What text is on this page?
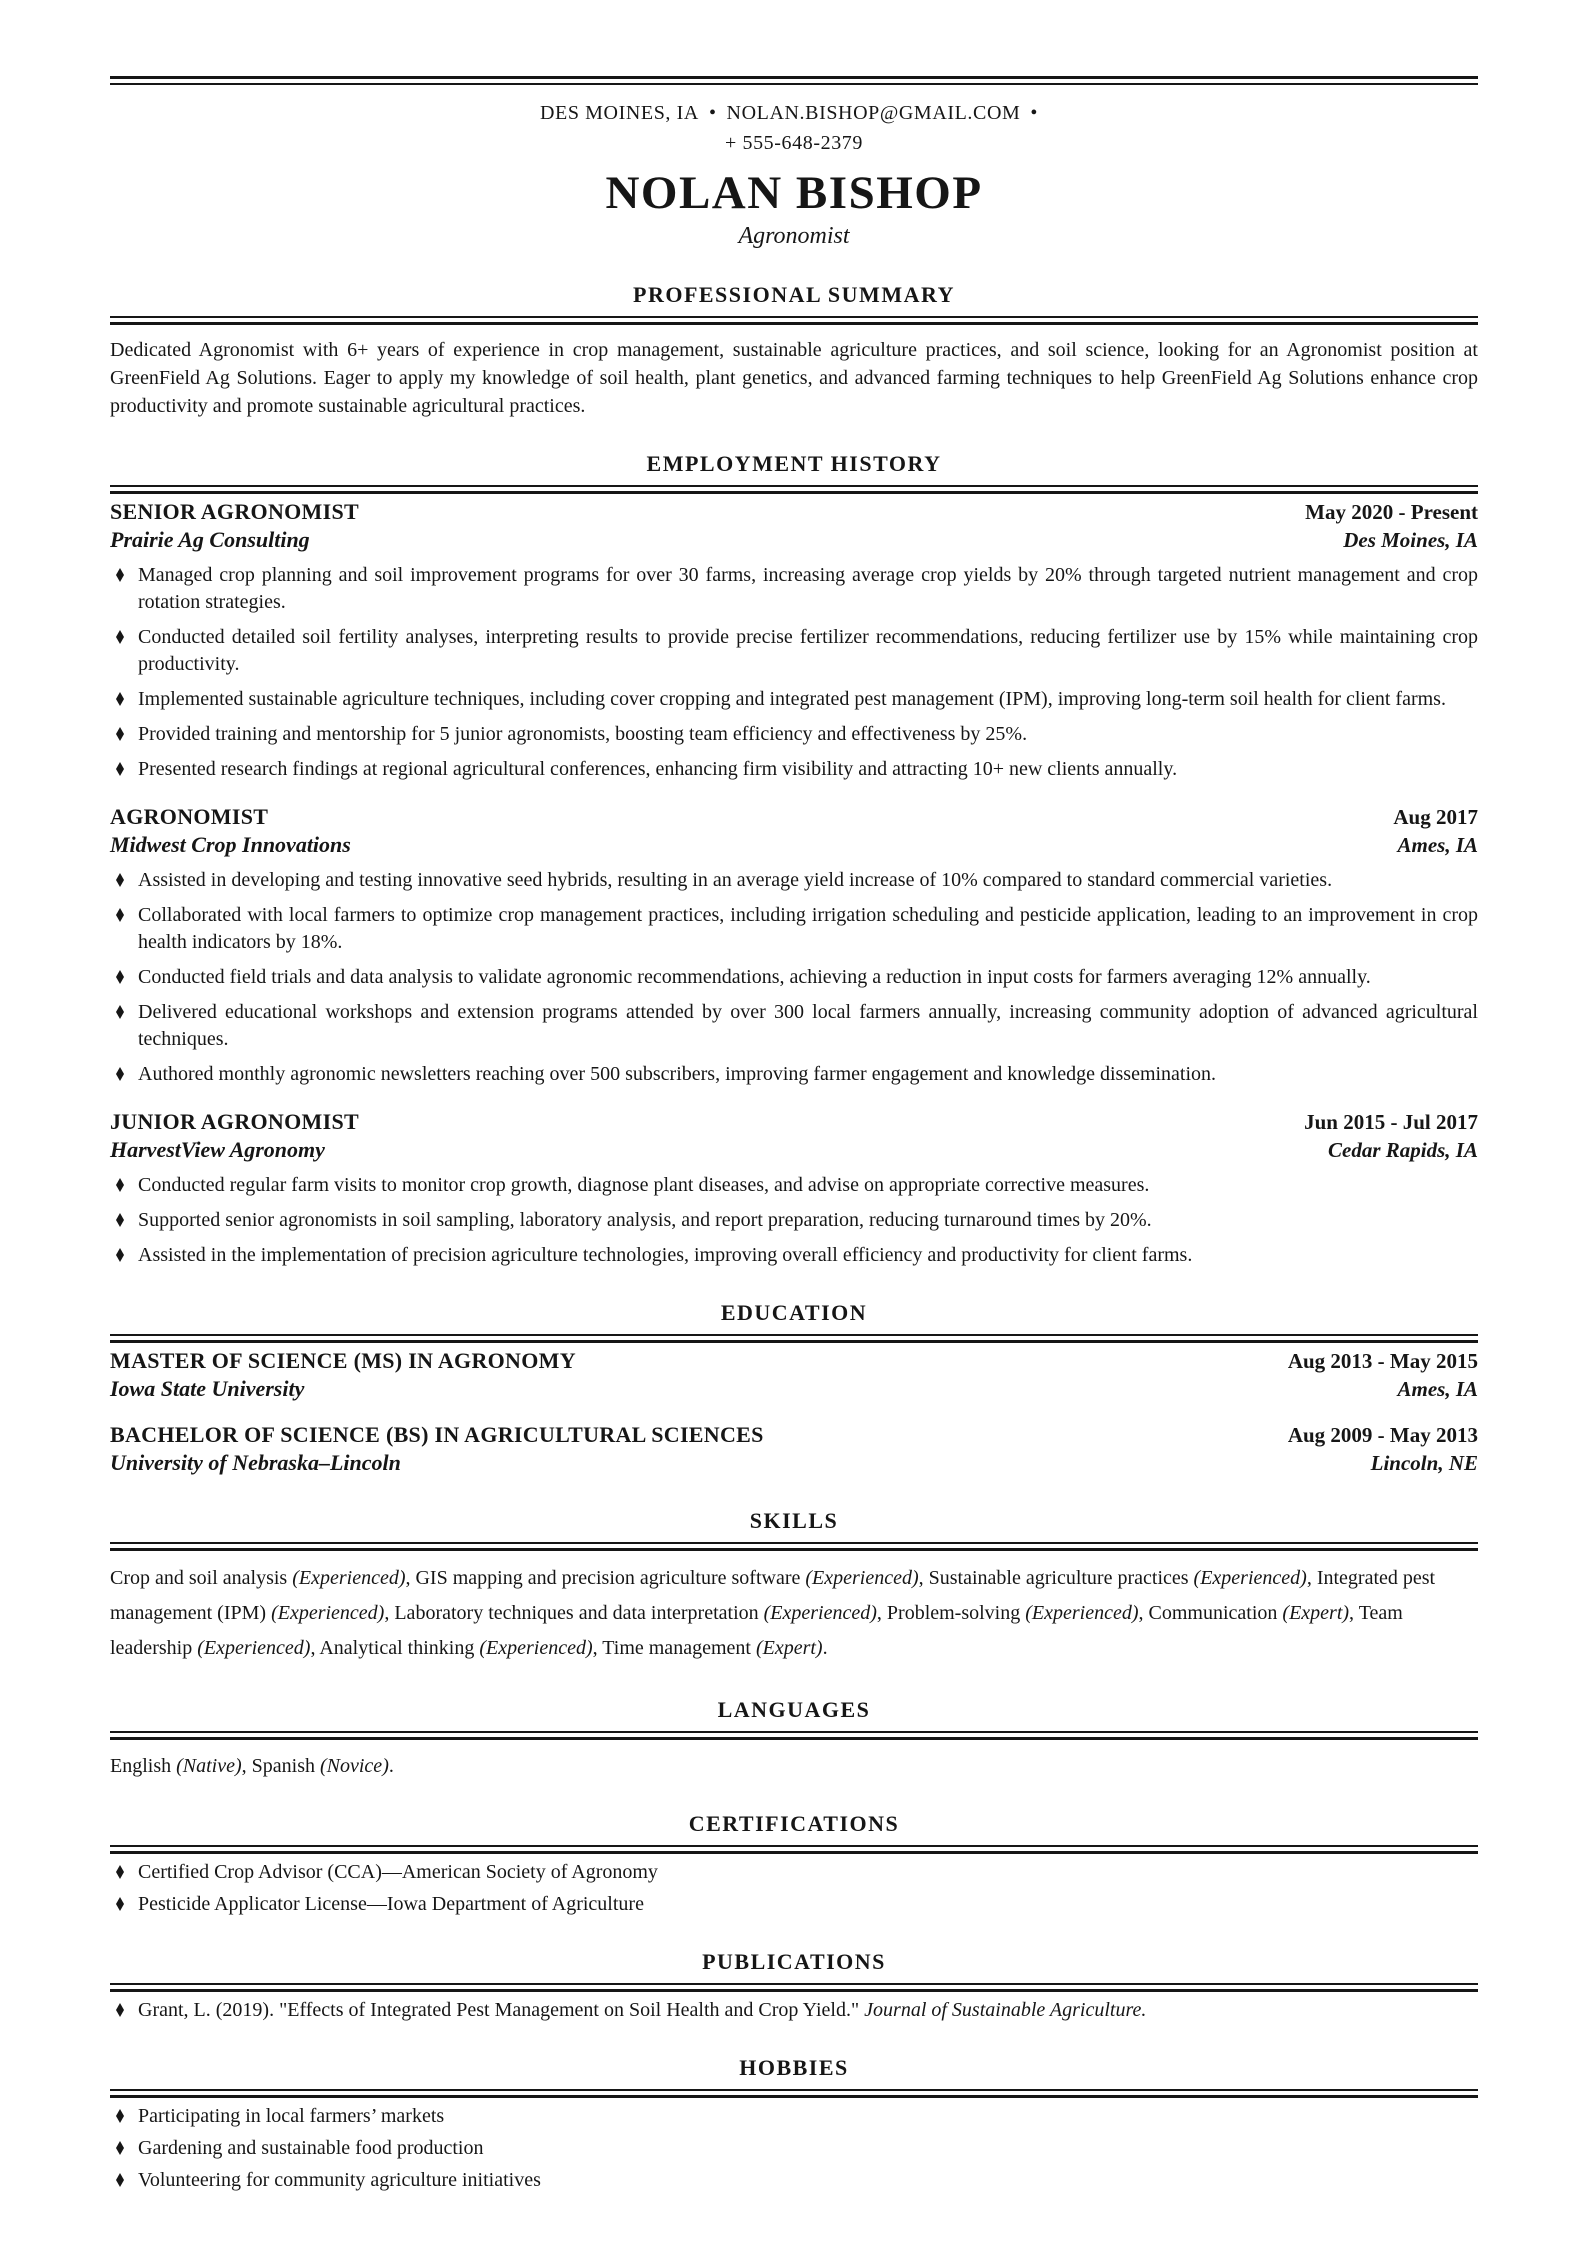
DES MOINES, IA • NOLAN.BISHOP@GMAIL.COM •
+ 555-648-2379
NOLAN BISHOP
Agronomist
PROFESSIONAL SUMMARY

Dedicated Agronomist with 6+ years of experience in crop management, sustainable agriculture practices, and soil science, looking for an Agronomist position at GreenField Ag Solutions. Eager to apply my knowledge of soil health, plant genetics, and advanced farming techniques to help GreenField Ag Solutions enhance crop productivity and promote sustainable agricultural practices.

EMPLOYMENT HISTORY
SENIOR AGRONOMIST	May 2020 - Present
Prairie Ag Consulting	Des Moines, IA
Managed crop planning and soil improvement programs for over 30 farms, increasing average crop yields by 20% through targeted nutrient management and crop rotation strategies.
Conducted detailed soil fertility analyses, interpreting results to provide precise fertilizer recommendations, reducing fertilizer use by 15% while maintaining crop productivity.
Implemented sustainable agriculture techniques, including cover cropping and integrated pest management (IPM), improving long-term soil health for client farms.
Provided training and mentorship for 5 junior agronomists, boosting team efficiency and effectiveness by 25%.
Presented research findings at regional agricultural conferences, enhancing firm visibility and attracting 10+ new clients annually.
AGRONOMIST	Aug 2017
Midwest Crop Innovations	Ames, IA
Assisted in developing and testing innovative seed hybrids, resulting in an average yield increase of 10% compared to standard commercial varieties.
Collaborated with local farmers to optimize crop management practices, including irrigation scheduling and pesticide application, leading to an improvement in crop health indicators by 18%.
Conducted field trials and data analysis to validate agronomic recommendations, achieving a reduction in input costs for farmers averaging 12% annually.
Delivered educational workshops and extension programs attended by over 300 local farmers annually, increasing community adoption of advanced agricultural techniques.
Authored monthly agronomic newsletters reaching over 500 subscribers, improving farmer engagement and knowledge dissemination.
JUNIOR AGRONOMIST	Jun 2015 - Jul 2017
HarvestView Agronomy	Cedar Rapids, IA
Conducted regular farm visits to monitor crop growth, diagnose plant diseases, and advise on appropriate corrective measures.
Supported senior agronomists in soil sampling, laboratory analysis, and report preparation, reducing turnaround times by 20%.
Assisted in the implementation of precision agriculture technologies, improving overall efficiency and productivity for client farms.
EDUCATION
MASTER OF SCIENCE (MS) IN AGRONOMY	Aug 2013 - May 2015
Iowa State University	Ames, IA
BACHELOR OF SCIENCE (BS) IN AGRICULTURAL SCIENCES	Aug 2009 - May 2013
University of Nebraska–Lincoln	Lincoln, NE
SKILLS
Crop and soil analysis (Experienced), GIS mapping and precision agriculture software (Experienced), Sustainable agriculture practices (Experienced), Integrated pest management (IPM) (Experienced), Laboratory techniques and data interpretation (Experienced), Problem-solving (Experienced), Communication (Expert), Team leadership (Experienced), Analytical thinking (Experienced), Time management (Expert).
LANGUAGES
English (Native), Spanish (Novice).
CERTIFICATIONS
Certified Crop Advisor (CCA)—American Society of Agronomy
Pesticide Applicator License—Iowa Department of Agriculture
PUBLICATIONS
Grant, L. (2019). "Effects of Integrated Pest Management on Soil Health and Crop Yield." Journal of Sustainable Agriculture.
HOBBIES
Participating in local farmers’ markets
Gardening and sustainable food production
Volunteering for community agriculture initiatives
